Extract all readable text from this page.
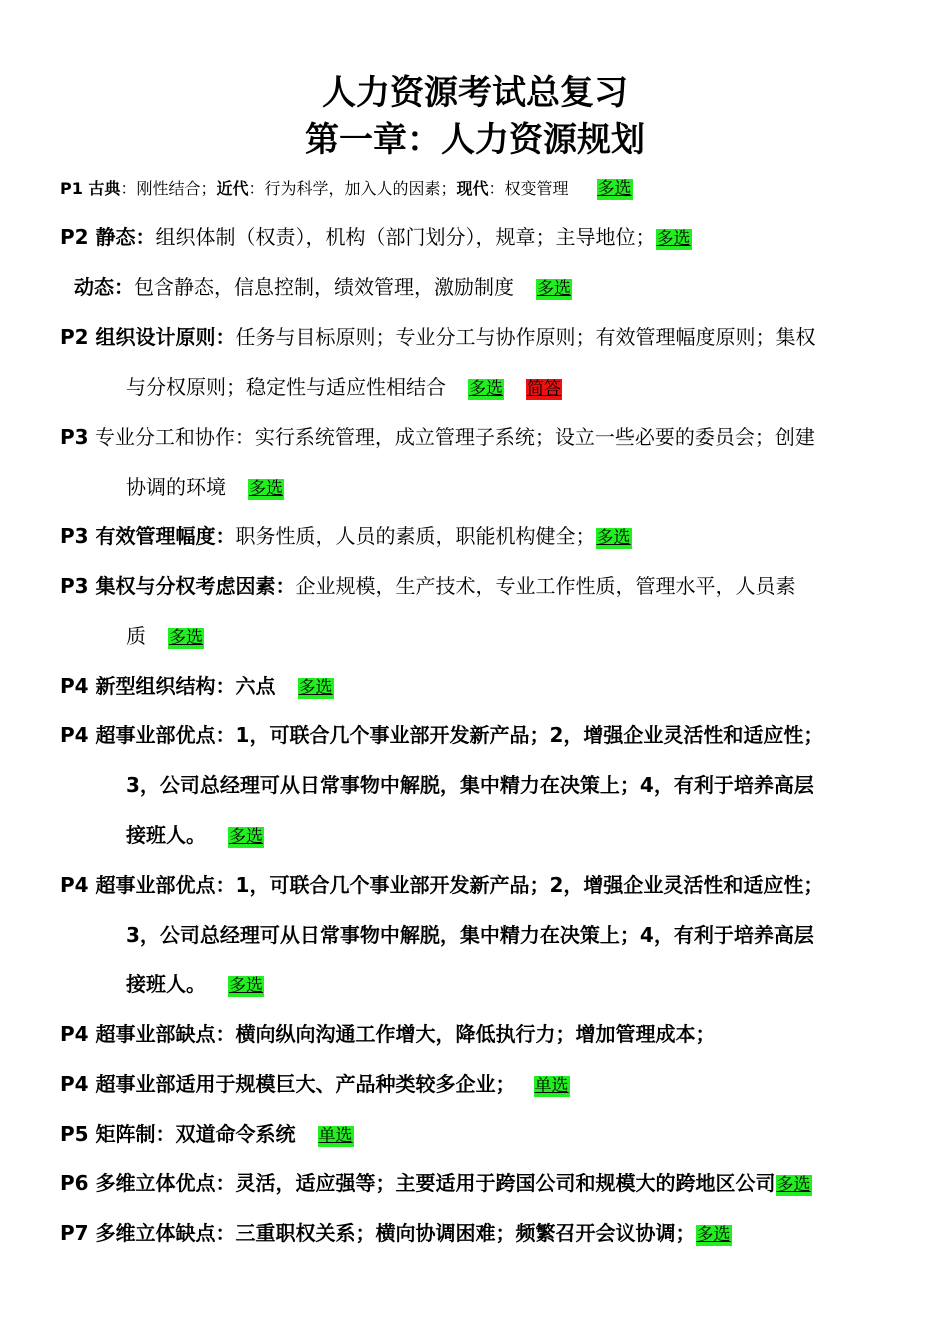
人力资源考试总复习
第一章：人力资源规划
P1 古典：刚性结合；近代：行为科学，加入人的因素；现代：权变管理 多选
P2 静态：组织体制（权责），机构（部门划分），规章；主导地位；多选
动态：包含静态，信息控制，绩效管理，激励制度 多选
P2 组织设计原则：任务与目标原则；专业分工与协作原则；有效管理幅度原则；集权
与分权原则；稳定性与适应性相结合 多选 简答
P3 专业分工和协作：实行系统管理，成立管理子系统；设立一些必要的委员会；创建
协调的环境 多选
P3 有效管理幅度：职务性质，人员的素质，职能机构健全；多选
P3 集权与分权考虑因素：企业规模，生产技术，专业工作性质，管理水平，人员素
质 多选
P4 新型组织结构：六点 多选
P4 超事业部优点：1，可联合几个事业部开发新产品；2，增强企业灵活性和适应性；
3，公司总经理可从日常事物中解脱，集中精力在决策上；4，有利于培养高层
接班人。 多选
P4 超事业部优点：1，可联合几个事业部开发新产品；2，增强企业灵活性和适应性；
3，公司总经理可从日常事物中解脱，集中精力在决策上；4，有利于培养高层
接班人。 多选
P4 超事业部缺点：横向纵向沟通工作增大，降低执行力；增加管理成本；
P4 超事业部适用于规模巨大、产品种类较多企业； 单选
P5 矩阵制：双道命令系统 单选
P6 多维立体优点：灵活，适应强等；主要适用于跨国公司和规模大的跨地区公司多选
P7 多维立体缺点：三重职权关系；横向协调困难；频繁召开会议协调；多选
